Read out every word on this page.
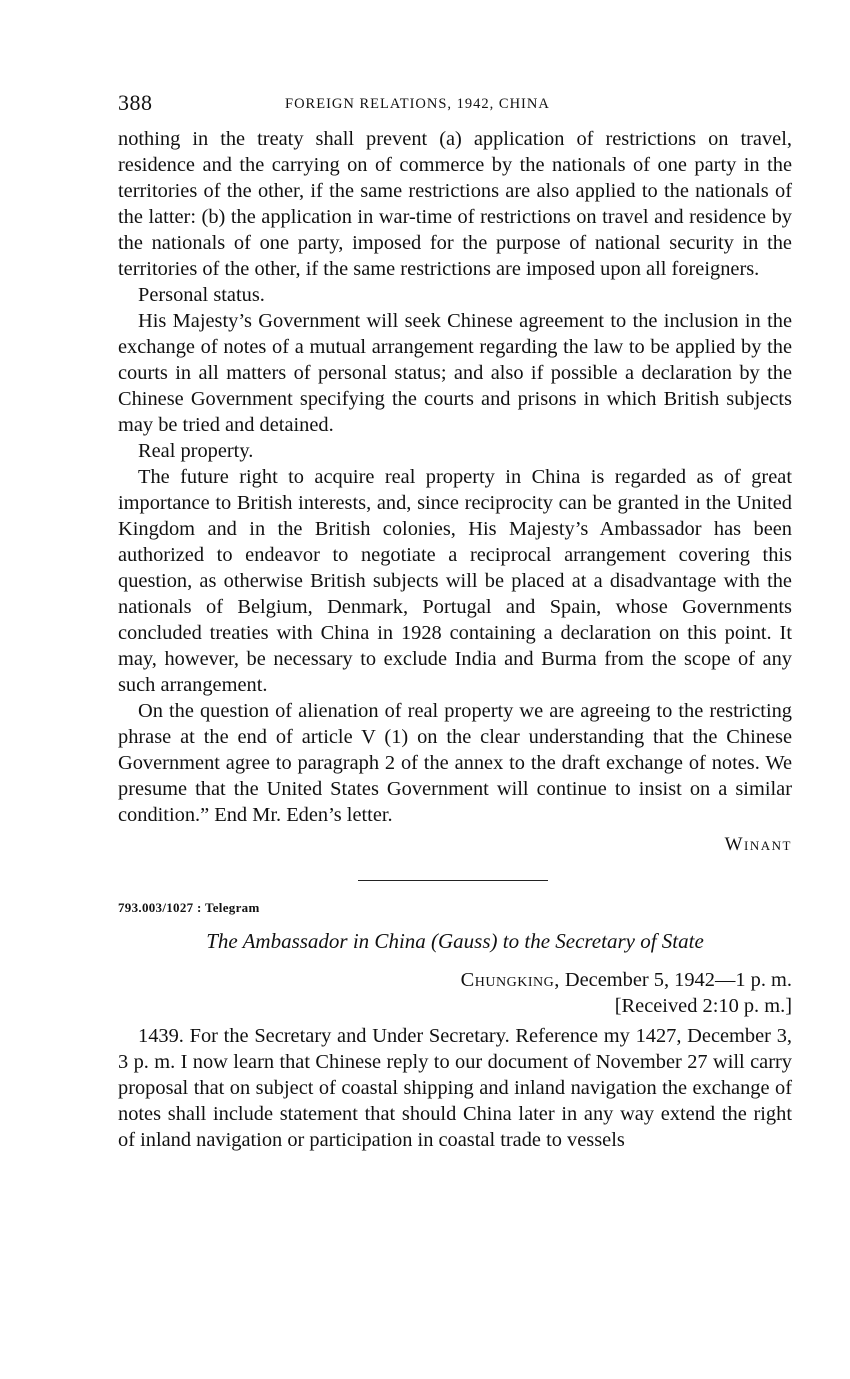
388	FOREIGN RELATIONS, 1942, CHINA

nothing in the treaty shall prevent (a) application of restrictions on travel, residence and the carrying on of commerce by the nationals of one party in the territories of the other, if the same restrictions are also applied to the nationals of the latter: (b) the application in war-time of restrictions on travel and residence by the nationals of one party, imposed for the purpose of national security in the territories of the other, if the same restrictions are imposed upon all foreigners.

Personal status.

His Majesty’s Government will seek Chinese agreement to the inclusion in the exchange of notes of a mutual arrangement regarding the law to be applied by the courts in all matters of personal status; and also if possible a declaration by the Chinese Government specifying the courts and prisons in which British subjects may be tried and detained.

Real property.

The future right to acquire real property in China is regarded as of great importance to British interests, and, since reciprocity can be granted in the United Kingdom and in the British colonies, His Majesty’s Ambassador has been authorized to endeavor to negotiate a reciprocal arrangement covering this question, as otherwise British subjects will be placed at a disadvantage with the nationals of Belgium, Denmark, Portugal and Spain, whose Governments concluded treaties with China in 1928 containing a declaration on this point. It may, however, be necessary to exclude India and Burma from the scope of any such arrangement.

On the question of alienation of real property we are agreeing to the restricting phrase at the end of article V (1) on the clear understanding that the Chinese Government agree to paragraph 2 of the annex to the draft exchange of notes. We presume that the United States Government will continue to insist on a similar condition.” End Mr. Eden’s letter.

Winant
793.003/1027 : Telegram
The Ambassador in China (Gauss) to the Secretary of State
Chungking, December 5, 1942—1 p. m.
[Received 2:10 p. m.]

1439. For the Secretary and Under Secretary. Reference my 1427, December 3, 3 p. m. I now learn that Chinese reply to our document of November 27 will carry proposal that on subject of coastal shipping and inland navigation the exchange of notes shall include statement that should China later in any way extend the right of inland navigation or participation in coastal trade to vessels
